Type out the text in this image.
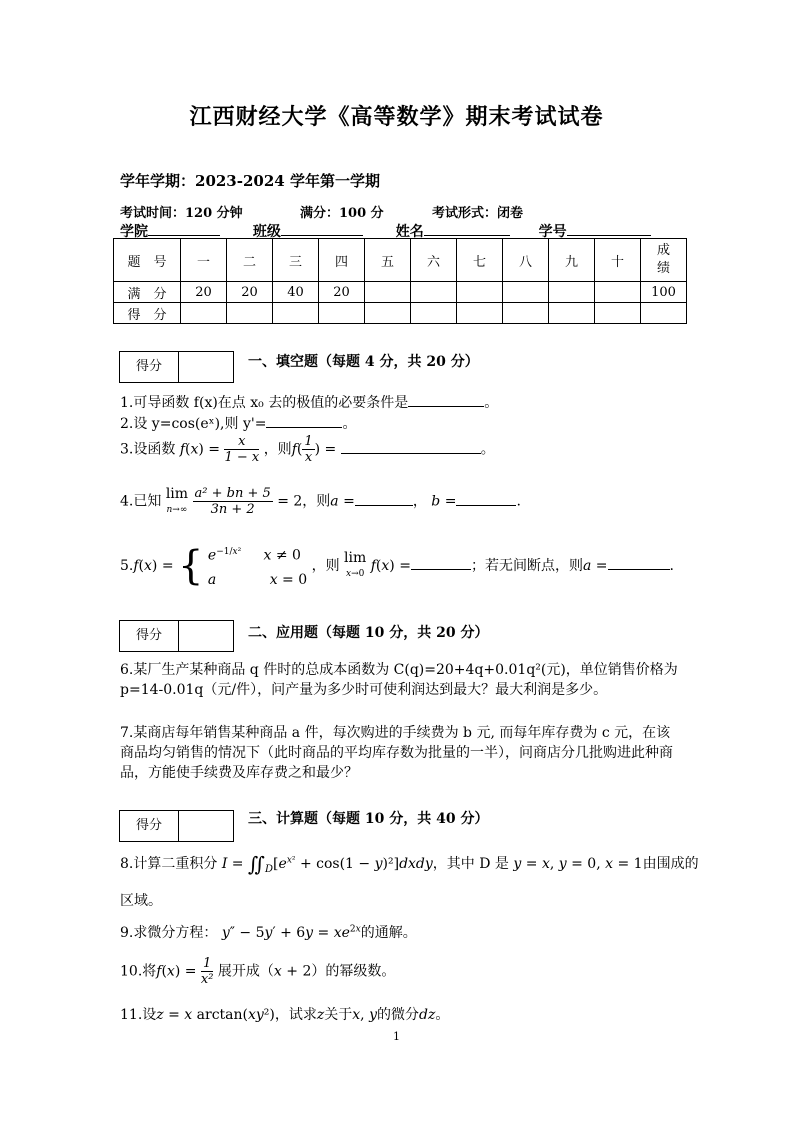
江西财经大学《高等数学》期末考试试卷
学年学期：2023-2024 学年第一学期
考试时间：120 分钟	满分：100 分	考试形式：闭卷
学院	班级	姓名	学号
题　号	一	二	三	四	五	六	七	八	九	十	成
绩
满　分	20	20	40	20							100
得　分											
得分	一、填空题（每题 4 分，共 20 分）
1.可导函数 f(x)在点 x₀ 去的极值的必要条件是	。
2.设 y=cos(eˣ),则 y'=	。
3.设函数 $f(x) = \frac{x}{1 - x}$ ，则$f( \frac{1}{x}$ ) =	。
4.已知 lim
$n\to\infty \frac{\text{a² + bn + 5}}{3n + 2} = 2$，则a =	， b =	.
5.f(x) = { $e^{-1/x^2}$ x ≠ 0
a	x = 0 ，则 lim
x→0 f(x) =	；若无间断点，则a =	.
得分	二、应用题（每题 10 分，共 20 分）
6.某厂生产某种商品 q 件时的总成本函数为 C(q)=20+4q+0.01q²(元)，单位销售价格为 p=14-0.01q（元/件），问产量为多少时可使利润达到最大？最大利润是多少。
7.某商店每年销售某种商品 a 件，每次购进的手续费为 b 元, 而每年库存费为 c 元，在该商品均匀销售的情况下（此时商品的平均库存数为批量的一半），问商店分几批购进此种商品，方能使手续费及库存费之和最少？
得分	三、计算题（每题 10 分，共 40 分）
8.计算二重积分 $I = ∬_D[e^{x^2} + \cos(1$ − y)²]dxdy，其中 D 是 y = x, y = 0, x = 1由围成的
区域。
9.求微分方程： $y'' - 5y' + 6y = xe^{2x}$的通解。
10.将$f(x) = \frac{1}{\text{x²}}$ 展开成（x + 2）的幂级数。
11.设z = x arctan(xy²)，试求z关于x, y的微分dz。
1
